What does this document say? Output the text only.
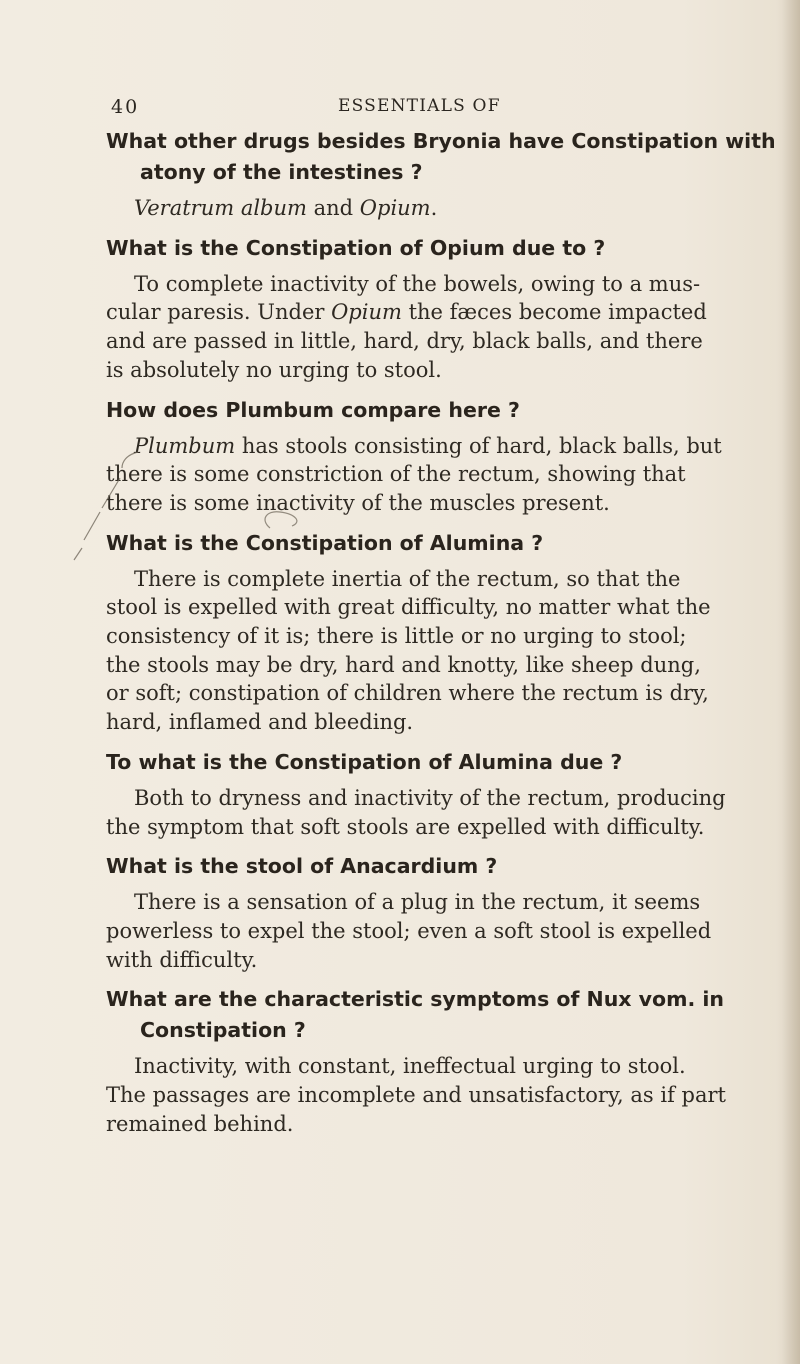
40	ESSENTIALS OF

What other drugs besides Bryonia have Constipation with
atony of the intestines ?

Veratrum album and Opium.

What is the Constipation of Opium due to ?

To complete inactivity of the bowels, owing to a mus-
cular paresis. Under Opium the fæces become impacted
and are passed in little, hard, dry, black balls, and there
is absolutely no urging to stool.

How does Plumbum compare here ?

Plumbum has stools consisting of hard, black balls, but
there is some constriction of the rectum, showing that
there is some inactivity of the muscles present.

What is the Constipation of Alumina ?

There is complete inertia of the rectum, so that the
stool is expelled with great difficulty, no matter what the
consistency of it is; there is little or no urging to stool;
the stools may be dry, hard and knotty, like sheep dung,
or soft; constipation of children where the rectum is dry,
hard, inflamed and bleeding.

To what is the Constipation of Alumina due ?

Both to dryness and inactivity of the rectum, producing
the symptom that soft stools are expelled with difficulty.

What is the stool of Anacardium ?

There is a sensation of a plug in the rectum, it seems
powerless to expel the stool; even a soft stool is expelled
with difficulty.

What are the characteristic symptoms of Nux vom. in
Constipation ?

Inactivity, with constant, ineffectual urging to stool.
The passages are incomplete and unsatisfactory, as if part
remained behind.
